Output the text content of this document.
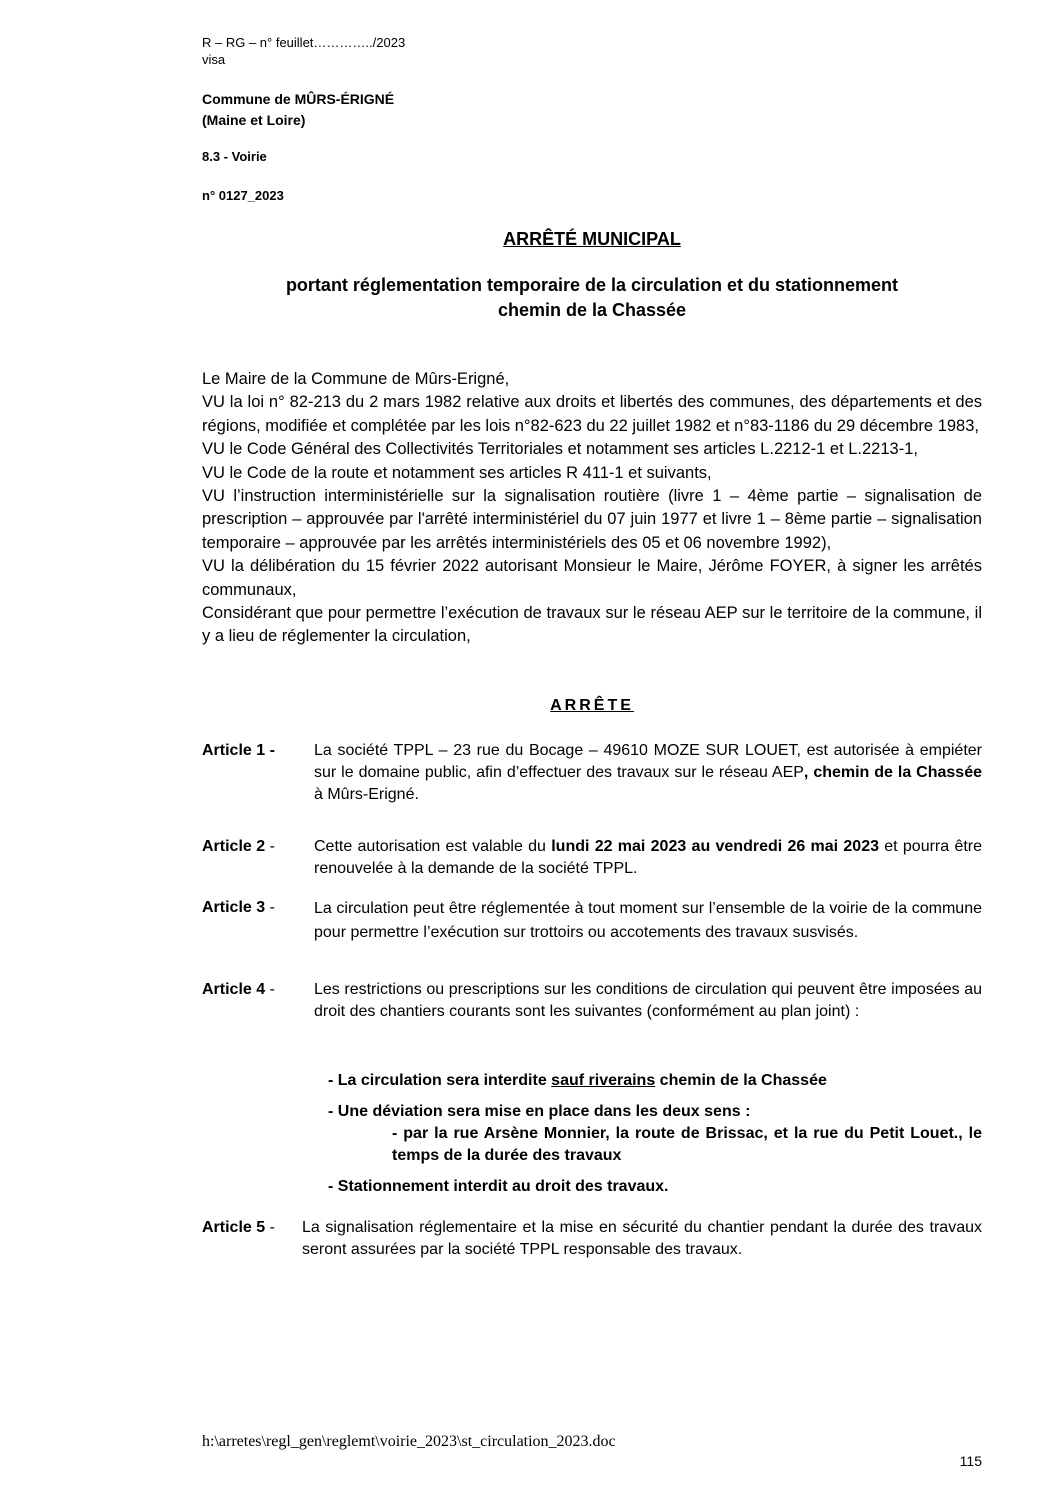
R – RG – n° feuillet…………../2023
visa
Commune de MÛRS-ÉRIGNÉ
(Maine et Loire)
8.3 - Voirie
n° 0127_2023
ARRÊTÉ MUNICIPAL
portant réglementation temporaire de la circulation et du stationnement
chemin de la Chassée

Le Maire de la Commune de Mûrs-Erigné,

VU la loi n° 82-213 du 2 mars 1982 relative aux droits et libertés des communes, des départements et des régions, modifiée et complétée par les lois n°82-623 du 22 juillet 1982 et n°83-1186 du 29 décembre 1983,

VU le Code Général des Collectivités Territoriales et notamment ses articles L.2212-1 et L.2213-1,

VU le Code de la route et notamment ses articles R 411-1 et suivants,

VU l’instruction interministérielle sur la signalisation routière (livre 1 – 4ème partie – signalisation de prescription – approuvée par l'arrêté interministériel du 07 juin 1977 et livre 1 – 8ème partie – signalisation temporaire – approuvée par les arrêtés interministériels des 05 et 06 novembre 1992),

VU la délibération du 15 février 2022 autorisant Monsieur le Maire, Jérôme FOYER, à signer les arrêtés communaux,

Considérant que pour permettre l’exécution de travaux sur le réseau AEP sur le territoire de la commune, il y a lieu de réglementer la circulation,

ARRÊTE
Article 1 - La société TPPL – 23 rue du Bocage – 49610 MOZE SUR LOUET, est autorisée à empiéter sur le domaine public, afin d’effectuer des travaux sur le réseau AEP, chemin de la Chassée à Mûrs-Erigné.
Article 2 - Cette autorisation est valable du lundi 22 mai 2023 au vendredi 26 mai 2023 et pourra être renouvelée à la demande de la société TPPL.
Article 3 - La circulation peut être réglementée à tout moment sur l’ensemble de la voirie de la commune pour permettre l’exécution sur trottoirs ou accotements des travaux susvisés.
Article 4 - Les restrictions ou prescriptions sur les conditions de circulation qui peuvent être imposées au droit des chantiers courants sont les suivantes (conformément au plan joint) :
- La circulation sera interdite sauf riverains chemin de la Chassée
- Une déviation sera mise en place dans les deux sens :
- par la rue Arsène Monnier, la route de Brissac, et la rue du Petit Louet., le temps de la durée des travaux
- Stationnement interdit au droit des travaux.
Article 5 - La signalisation réglementaire et la mise en sécurité du chantier pendant la durée des travaux seront assurées par la société TPPL responsable des travaux.
h:\arretes\regl_gen\reglemt\voirie_2023\st_circulation_2023.doc
115
